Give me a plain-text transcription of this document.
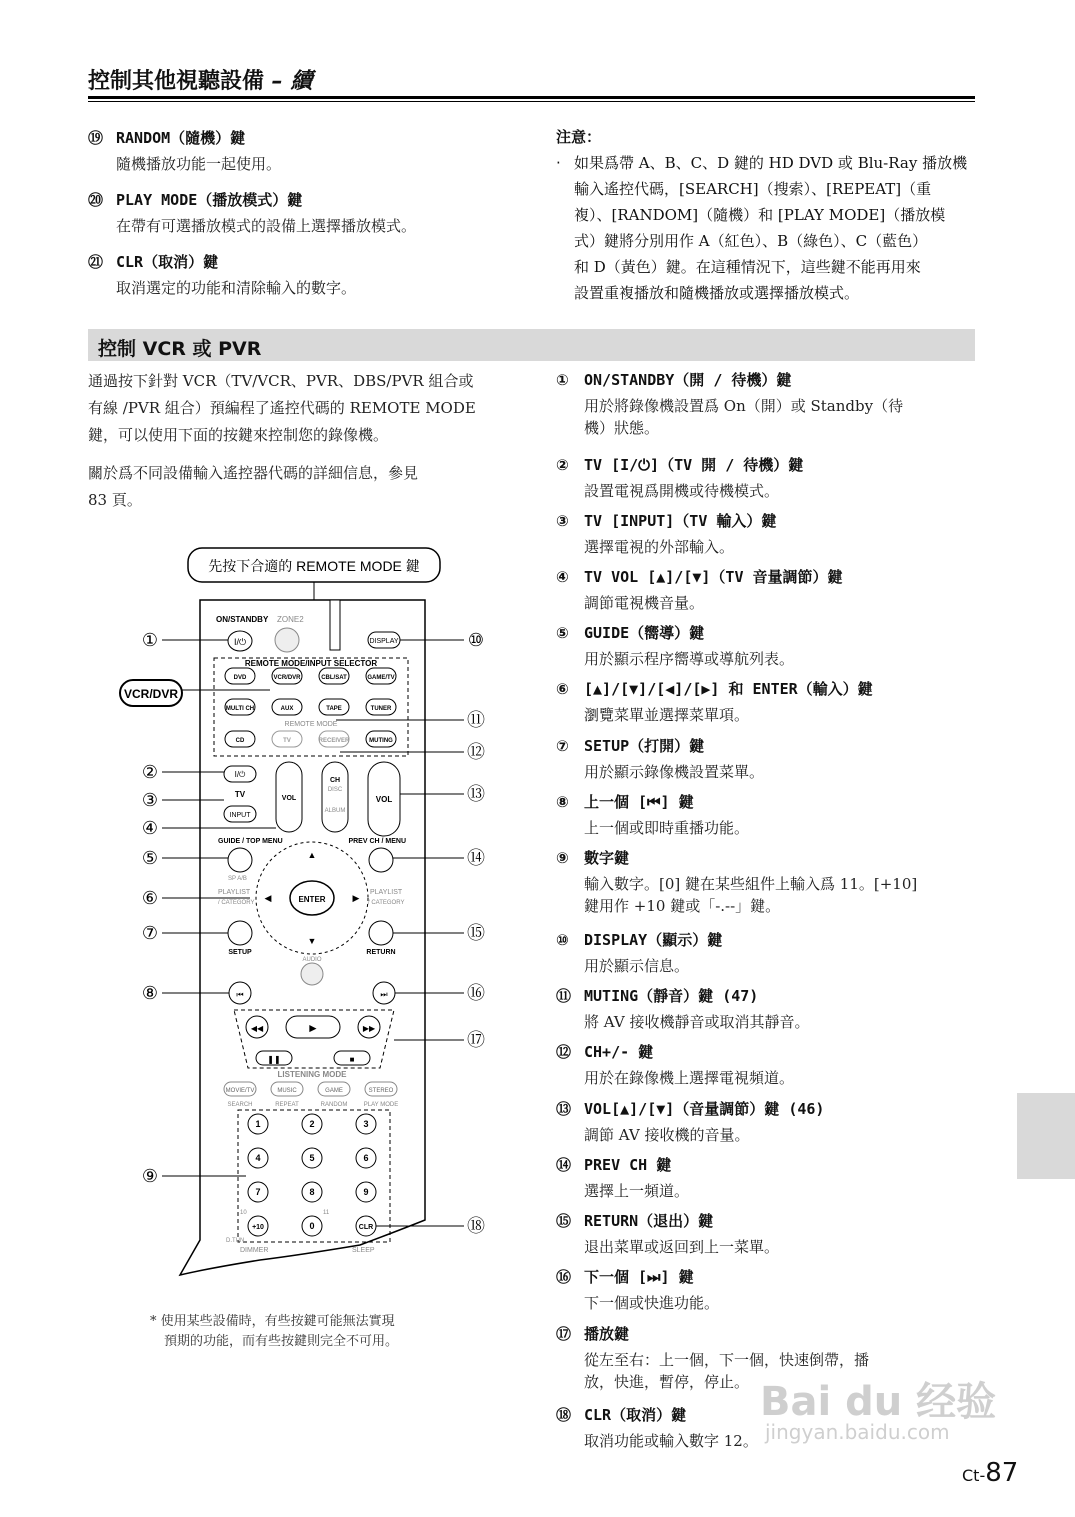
控制其他視聽設備 – 續
⑲ RANDOM（隨機）鍵
隨機播放功能一起使用。
⑳ PLAY MODE（播放模式）鍵
在帶有可選播放模式的設備上選擇播放模式。
㉑ CLR（取消）鍵
取消選定的功能和清除輸入的數字。
注意：
· 如果爲帶 A、B、C、D 鍵的 HD DVD 或 Blu-Ray 播放機
輸入遙控代碼，[SEARCH]（搜索）、[REPEAT]（重
複）、[RANDOM]（隨機）和 [PLAY MODE]（播放模
式）鍵將分別用作 A（紅色）、B（綠色）、C（藍色）
和 D（黃色）鍵。在這種情況下，這些鍵不能再用來
設置重複播放和隨機播放或選擇播放模式。
控制 VCR 或 PVR
通過按下針對 VCR（TV/VCR、PVR、DBS/PVR 組合或
有線 /PVR 組合）預編程了遙控代碼的 REMOTE MODE
鍵，可以使用下面的按鍵來控制您的錄像機。
關於爲不同設備輸入遙控器代碼的詳細信息，參見
83 頁。
先按下合適的 REMOTE MODE 鍵
ON/STANDBY ZONE2
I/⏻	DISPLAY
REMOTE MODE/INPUT SELECTOR
DVD	VCR/DVR	CBL/SAT	GAME/TV
MULTI CH	AUX	TAPE	TUNER
CD	TV	RECEIVER	MUTING
REMOTE MODE
VCR/DVR
I/⏻
TV
INPUT
VOL
CH
DISC
ALBUM
VOL
GUIDE / TOP MENU	PREV CH / MENU
SP A/B
ENTER
▲
▼
◀	▶
PLAYLIST
/ CATEGORY
PLAYLIST
/ CATEGORY
SETUP	RETURN
AUDIO
⏮	⏭
◀◀	►	▶▶
❚❚	■
LISTENING MODE
MOVIE/TV
SEARCH
MUSIC
REPEAT
GAME
RANDOM
STEREO
PLAY MODE
1	2	3
4	5	6
7	8	9
+10	0	CLR
10	11
D.TUN
DIMMER	SLEEP
①
②
③
④
⑤
⑥
⑦
⑧
⑨
⑩
⑪
⑫
⑬
⑭
⑮
⑯
⑰
⑱
* 使用某些設備時，有些按鍵可能無法實現
預期的功能，而有些按鍵則完全不可用。
① ON/STANDBY（開 / 待機）鍵
用於將錄像機設置爲 On（開）或 Standby（待
機）狀態。
② TV [I/⏻]（TV 開 / 待機）鍵
設置電視爲開機或待機模式。
③ TV [INPUT]（TV 輸入）鍵
選擇電視的外部輸入。
④ TV VOL [▲]/[▼]（TV 音量調節）鍵
調節電視機音量。
⑤ GUIDE（嚮導）鍵
用於顯示程序嚮導或導航列表。
⑥ [▲]/[▼]/[◀]/[▶] 和 ENTER（輸入）鍵
瀏覽菜單並選擇菜單項。
⑦ SETUP（打開）鍵
用於顯示錄像機設置菜單。
⑧ 上一個 [⏮] 鍵
上一個或即時重播功能。
⑨ 數字鍵
輸入數字。[0] 鍵在某些組件上輸入爲 11。[+10]
鍵用作 +10 鍵或「-.--」鍵。
⑩ DISPLAY（顯示）鍵
用於顯示信息。
⑪ MUTING（靜音）鍵 (47)
將 AV 接收機靜音或取消其靜音。
⑫ CH+/- 鍵
用於在錄像機上選擇電視頻道。
⑬ VOL[▲]/[▼]（音量調節）鍵 (46)
調節 AV 接收機的音量。
⑭ PREV CH 鍵
選擇上一頻道。
⑮ RETURN（退出）鍵
退出菜單或返回到上一菜單。
⑯ 下一個 [⏭] 鍵
下一個或快進功能。
⑰ 播放鍵
從左至右：上一個，下一個，快速倒帶，播
放，快進，暫停，停止。
⑱ CLR（取消）鍵
取消功能或輸入數字 12。
Bai du 经验
jingyan.baidu.com
Ct-87
